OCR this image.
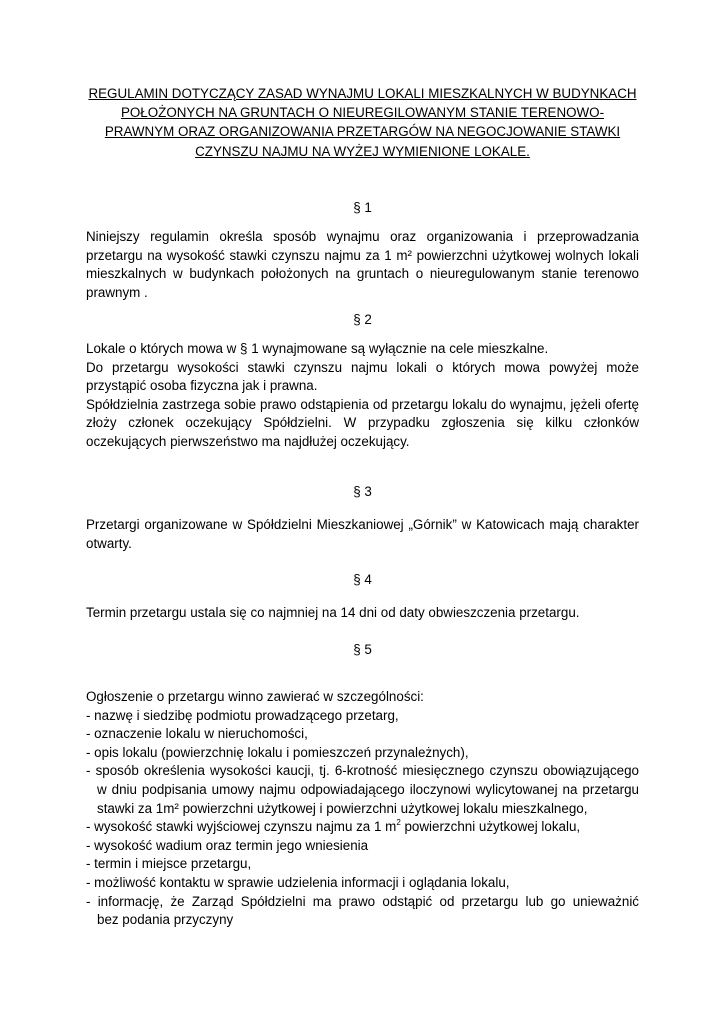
REGULAMIN DOTYCZĄCY ZASAD WYNAJMU LOKALI MIESZKALNYCH W BUDYNKACH
POŁOŻONYCH NA GRUNTACH O NIEUREGILOWANYM STANIE TERENOWO-
PRAWNYM ORAZ ORGANIZOWANIA PRZETARGÓW NA NEGOCJOWANIE STAWKI
CZYNSZU NAJMU NA WYŻEJ WYMIENIONE LOKALE.
§ 1
Niniejszy regulamin określa sposób wynajmu oraz organizowania i przeprowadzania
przetargu na wysokość stawki czynszu najmu za 1 m² powierzchni użytkowej wolnych lokali
mieszkalnych w budynkach położonych na gruntach o nieuregulowanym stanie terenowo
prawnym .
§ 2
Lokale o których mowa w § 1 wynajmowane są wyłącznie na cele mieszkalne.
Do przetargu wysokości stawki czynszu najmu lokali o których mowa powyżej może
przystąpić osoba fizyczna jak i prawna.
Spółdzielnia zastrzega sobie prawo odstąpienia od przetargu lokalu do wynajmu, jężeli ofertę
złoży członek oczekujący Spółdzielni. W przypadku zgłoszenia się kilku członków
oczekujących pierwszeństwo ma najdłużej oczekujący.
§ 3
Przetargi organizowane w Spółdzielni Mieszkaniowej „Górnik” w Katowicach mają charakter
otwarty.
§ 4
Termin przetargu ustala się co najmniej na 14 dni od daty obwieszczenia przetargu.
§ 5
Ogłoszenie o przetargu winno zawierać w szczególności:
- nazwę i siedzibę podmiotu prowadzącego przetarg,
- oznaczenie lokalu w nieruchomości,
- opis lokalu (powierzchnię lokalu i pomieszczeń przynależnych),
- sposób określenia wysokości kaucji, tj. 6-krotność miesięcznego czynszu obowiązującego
w dniu podpisania umowy najmu odpowiadającego iloczynowi wylicytowanej na przetargu
stawki za 1m² powierzchni użytkowej i powierzchni użytkowej lokalu mieszkalnego,
- wysokość stawki wyjściowej czynszu najmu za 1 $m^2$ powierzchni użytkowej lokalu,
- wysokość wadium oraz termin jego wniesienia
- termin i miejsce przetargu,
- możliwość kontaktu w sprawie udzielenia informacji i oglądania lokalu,
- informację, że Zarząd Spółdzielni ma prawo odstąpić od przetargu lub go unieważnić
bez podania przyczyny
